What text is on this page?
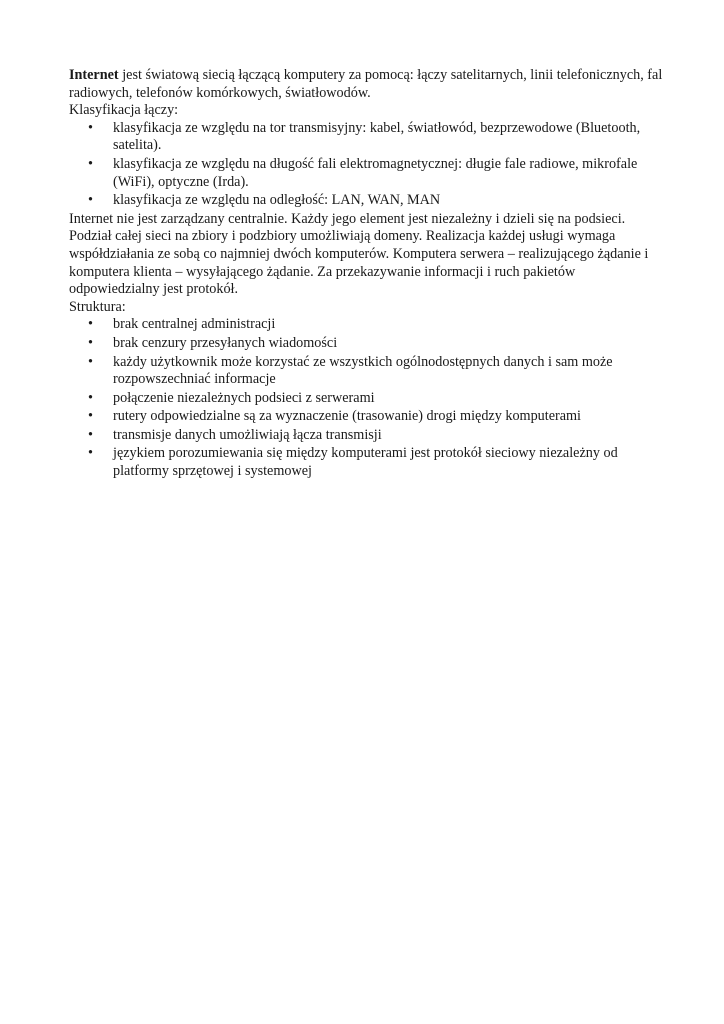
Internet jest światową siecią łączącą komputery za pomocą: łączy satelitarnych, linii telefonicznych, fal radiowych, telefonów komórkowych, światłowodów.

Klasyfikacja łączy:

• klasyfikacja ze względu na tor transmisyjny: kabel, światłowód, bezprzewodowe (Bluetooth, satelita).
• klasyfikacja ze względu na długość fali elektromagnetycznej: długie fale radiowe, mikrofale (WiFi), optyczne (Irda).
• klasyfikacja ze względu na odległość: LAN, WAN, MAN

Internet nie jest zarządzany centralnie. Każdy jego element jest niezależny i dzieli się na podsieci. Podział całej sieci na zbiory i podzbiory umożliwiają domeny. Realizacja każdej usługi wymaga współdziałania ze sobą co najmniej dwóch komputerów. Komputera serwera – realizującego żądanie i komputera klienta – wysyłającego żądanie. Za przekazywanie informacji i ruch pakietów odpowiedzialny jest protokół.

Struktura:

• brak centralnej administracji
• brak cenzury przesyłanych wiadomości
• każdy użytkownik może korzystać ze wszystkich ogólnodostępnych danych i sam może rozpowszechniać informacje
• połączenie niezależnych podsieci z serwerami
• rutery odpowiedzialne są za wyznaczenie (trasowanie) drogi między komputerami
• transmisje danych umożliwiają łącza transmisji
• językiem porozumiewania się między komputerami jest protokół sieciowy niezależny od platformy sprzętowej i systemowej
